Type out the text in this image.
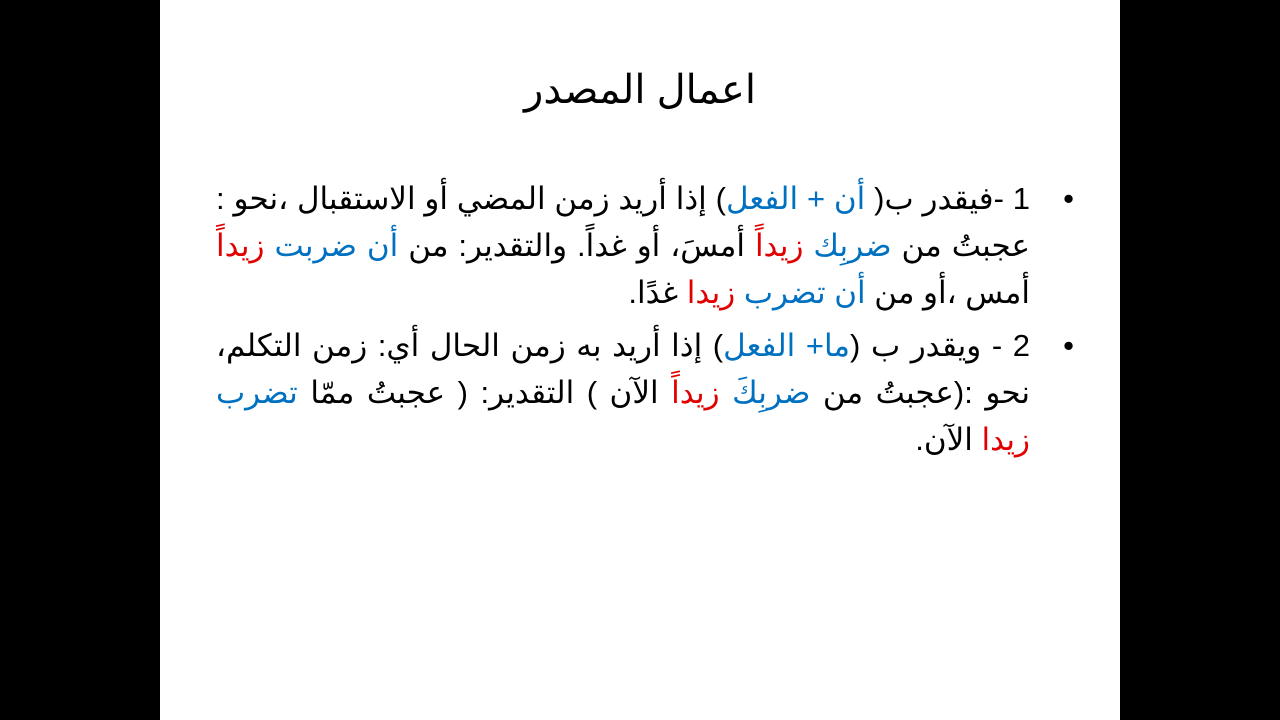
اعمال المصدر
•
1 -فيقدر ب( أن + الفعل) إذا أريد زمن المضي أو الاستقبال ،نحو : عجبتُ من ضربِك زيداً أمسَ، أو غداً. والتقدير: من أن ضربت زيداً أمس ،أو من أن تضرب زيدا غدًا.
•
2 - ويقدر ب (ما+ الفعل) إذا أريد به زمن الحال أي: زمن التكلم، نحو :(عجبتُ من ضربِكَ زيداً الآن ) التقدير: ( عجبتُ ممّا تضرب زيدا الآن.
